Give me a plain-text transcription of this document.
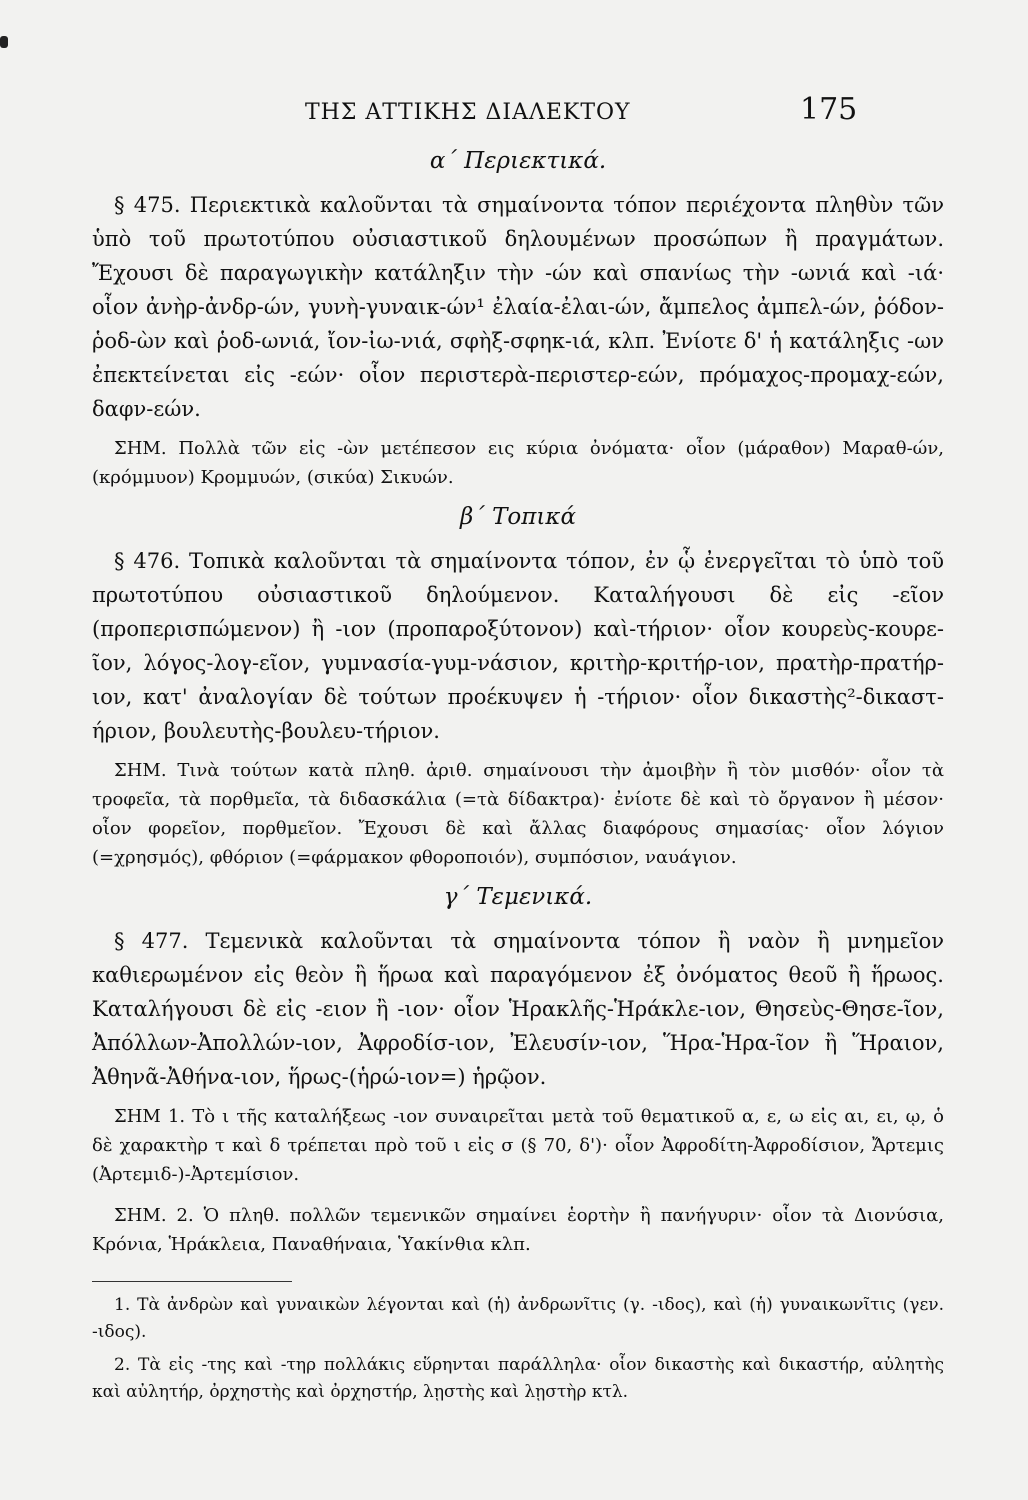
ΤΗΣ ΑΤΤΙΚΗΣ ΔΙΑΛΕΚΤΟΥ	175
α΄ Περιεκτικά.

§ 475. Περιεκτικὰ καλοῦνται τὰ σημαίνοντα τόπον περιέχοντα πληθὺν τῶν ὑπὸ τοῦ πρωτοτύπου οὐσιαστικοῦ δηλουμένων προσώπων ἢ πραγμάτων. Ἔχουσι δὲ παραγωγικὴν κατάληξιν τὴν -ών καὶ σπανίως τὴν -ωνιά καὶ -ιά· οἷον ἀνὴρ-ἀνδρ-ών, γυνὴ-γυναικ-ών¹ ἐλαία-ἐλαι-ών, ἄμπελος ἀμπελ-ών, ῥόδον-ῥοδ-ὼν καὶ ῥοδ-ωνιά, ἴον-ἰω-νιά, σφὴξ-σφηκ-ιά, κλπ. Ἐνίοτε δ' ἡ κατάληξις -ων ἐπεκτείνεται εἰς -εών· οἷον περιστερὰ-περιστερ-εών, πρόμαχος-προμαχ-εών, δαφν-εών.

ΣΗΜ. Πολλὰ τῶν εἰς -ὼν μετέπεσον εις κύρια ὀνόματα· οἷον (μάραθον) Μαραθ-ών, (κρόμμυον) Κρομμυών, (σικύα) Σικυών.

β΄ Τοπικά

§ 476. Τοπικὰ καλοῦνται τὰ σημαίνοντα τόπον, ἐν ᾧ ἐνεργεῖται τὸ ὑπὸ τοῦ πρωτοτύπου οὐσιαστικοῦ δηλούμενον. Καταλήγουσι δὲ εἰς -εῖον (προπερισπώμενον) ἢ -ιον (προπαροξύτονον) καὶ-τήριον· οἷον κουρεὺς-κουρε-ῖον, λόγος-λογ-εῖον, γυμνασία-γυμ-νάσιον, κριτὴρ-κριτήρ-ιον, πρατὴρ-πρατήρ-ιον, κατ' ἀναλογίαν δὲ τούτων προέκυψεν ἡ -τήριον· οἷον δικαστὴς²-δικαστ-ήριον, βουλευτὴς-βουλευ-τήριον.

ΣΗΜ. Τινὰ τούτων κατὰ πληθ. ἀριθ. σημαίνουσι τὴν ἀμοιβὴν ἢ τὸν μισθόν· οἷον τὰ τροφεῖα, τὰ πορθμεῖα, τὰ διδασκάλια (=τὰ δίδακτρα)· ἐνίοτε δὲ καὶ τὸ ὄργανον ἢ μέσον· οἷον φορεῖον, πορθμεῖον. Ἔχουσι δὲ καὶ ἄλλας διαφόρους σημασίας· οἷον λόγιον (=χρησμός), φθόριον (=φάρμακον φθοροποιόν), συμπόσιον, ναυάγιον.

γ΄ Τεμενικά.

§ 477. Τεμενικὰ καλοῦνται τὰ σημαίνοντα τόπον ἢ ναὸν ἢ μνημεῖον καθιερωμένον εἰς θεὸν ἢ ἥρωα καὶ παραγόμενον ἐξ ὀνόματος θεοῦ ἢ ἥρωος. Καταλήγουσι δὲ εἰς -ειον ἢ -ιον· οἷον Ἡρακλῆς-Ἡράκλε-ιον, Θησεὺς-Θησε-ῖον, Ἀπόλλων-Ἀπολλών-ιον, Ἀφροδίσ-ιον, Ἐλευσίν-ιον, Ἥρα-Ἡρα-ῖον ἢ Ἥραιον, Ἀθηνᾶ-Ἀθήνα-ιον, ἥρως-(ἡρώ-ιον=) ἡρῷον.

ΣΗΜ 1. Τὸ ι τῆς καταλήξεως -ιον συναιρεῖται μετὰ τοῦ θεματικοῦ α, ε, ω εἰς αι, ει, ῳ, ὁ δὲ χαρακτὴρ τ καὶ δ τρέπεται πρὸ τοῦ ι εἰς σ (§ 70, δ')· οἷον Ἀφροδίτη-Ἀφροδίσιον, Ἄρτεμις (Ἀρτεμιδ-)-Ἀρτεμίσιον.

ΣΗΜ. 2. Ὁ πληθ. πολλῶν τεμενικῶν σημαίνει ἑορτὴν ἢ πανήγυριν· οἷον τὰ Διονύσια, Κρόνια, Ἡράκλεια, Παναθήναια, Ὑακίνθια κλπ.

1. Τὰ ἀνδρὼν καὶ γυναικὼν λέγονται καὶ (ἡ) ἀνδρωνῖτις (γ. -ιδος), καὶ (ἡ) γυναικωνῖτις (γεν. -ιδος).

2. Τὰ εἰς -της καὶ -τηρ πολλάκις εὕρηνται παράλληλα· οἷον δικαστὴς καὶ δικαστήρ, αὐλητὴς καὶ αὐλητήρ, ὀρχηστὴς καὶ ὀρχηστήρ, λῃστὴς καὶ λῃστὴρ κτλ.
